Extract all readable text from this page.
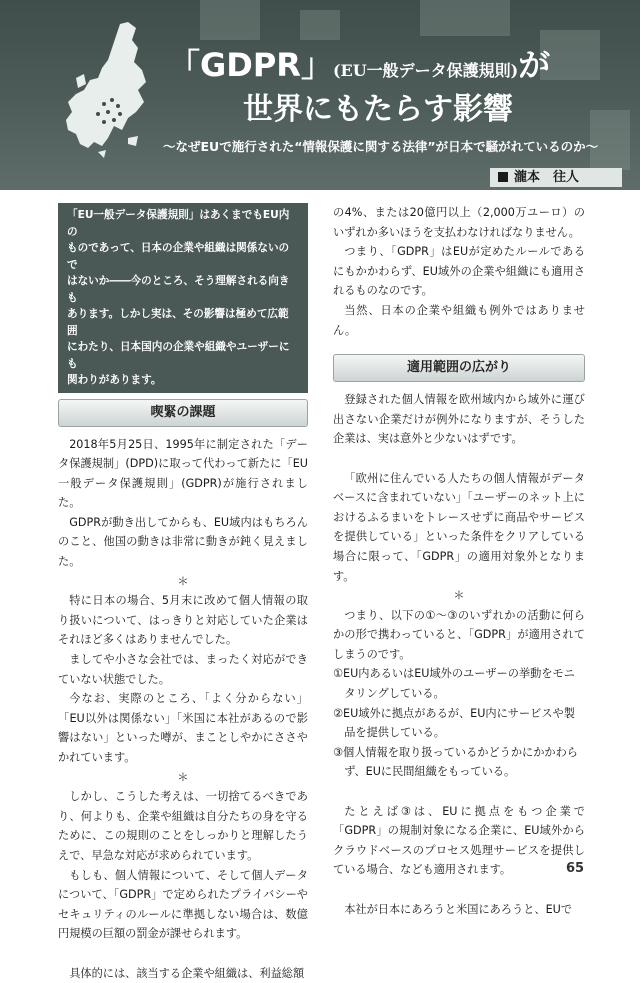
「GDPR」(EU一般データ保護規則)が
世界にもたらす影響
〜なぜEUで施行された“情報保護に関する法律”が日本で騒がれているのか〜
瀧本　往人
「EU一般データ保護規則」はあくまでもEU内の
ものであって、日本の企業や組織は関係ないので
はないか――今のところ、そう理解される向きも
あります。しかし実は、その影響は極めて広範囲
にわたり、日本国内の企業や組織やユーザーにも
関わりがあります。
喫緊の課題

2018年5月25日、1995年に制定された「データ保護規制」(DPD)に取って代わって新たに「EU一般データ保護規則」(GDPR)が施行されました。

GDPRが動き出してからも、EU域内はもちろんのこと、他国の動きは非常に動きが鈍く見えました。

＊

特に日本の場合、5月末に改めて個人情報の取り扱いについて、はっきりと対応していた企業はそれほど多くはありませんでした。

ましてや小さな会社では、まったく対応ができていない状態でした。

今なお、実際のところ、「よく分からない」「EU以外は関係ない」「米国に本社があるので影響はない」といった噂が、まことしやかにささやかれています。

＊

しかし、こうした考えは、一切捨てるべきであり、何よりも、企業や組織は自分たちの身を守るために、この規則のことをしっかりと理解したうえで、早急な対応が求められています。

もしも、個人情報について、そして個人データについて、「GDPR」で定められたプライバシーやセキュリティのルールに準拠しない場合は、数億円規模の巨額の罰金が課せられます。

具体的には、該当する企業や組織は、利益総額

の4%、または20億円以上（2,000万ユーロ）のいずれか多いほうを支払わなければなりません。

つまり、「GDPR」はEUが定めたルールであるにもかかわらず、EU域外の企業や組織にも適用されるものなのです。

当然、日本の企業や組織も例外ではありません。

適用範囲の広がり

登録された個人情報を欧州域内から域外に運び出さない企業だけが例外になりますが、そうした企業は、実は意外と少ないはずです。

「欧州に住んでいる人たちの個人情報がデータベースに含まれていない」「ユーザーのネット上におけるふるまいをトレースせずに商品やサービスを提供している」といった条件をクリアしている場合に限って、「GDPR」の適用対象外となります。

＊

つまり、以下の①～③のいずれかの活動に何らかの形で携わっていると、「GDPR」が適用されてしまうのです。

①EU内あるいはEU域外のユーザーの挙動をモニタリングしている。

②EU域外に拠点があるが、EU内にサービスや製品を提供している。

③個人情報を取り扱っているかどうかにかかわらず、EUに民間組織をもっている。

たとえば③は、EUに拠点をもつ企業で「GDPR」の規制対象になる企業に、EU域外からクラウドベースのプロセス処理サービスを提供している場合、なども適用されます。

本社が日本にあろうと米国にあろうと、EUで

65
